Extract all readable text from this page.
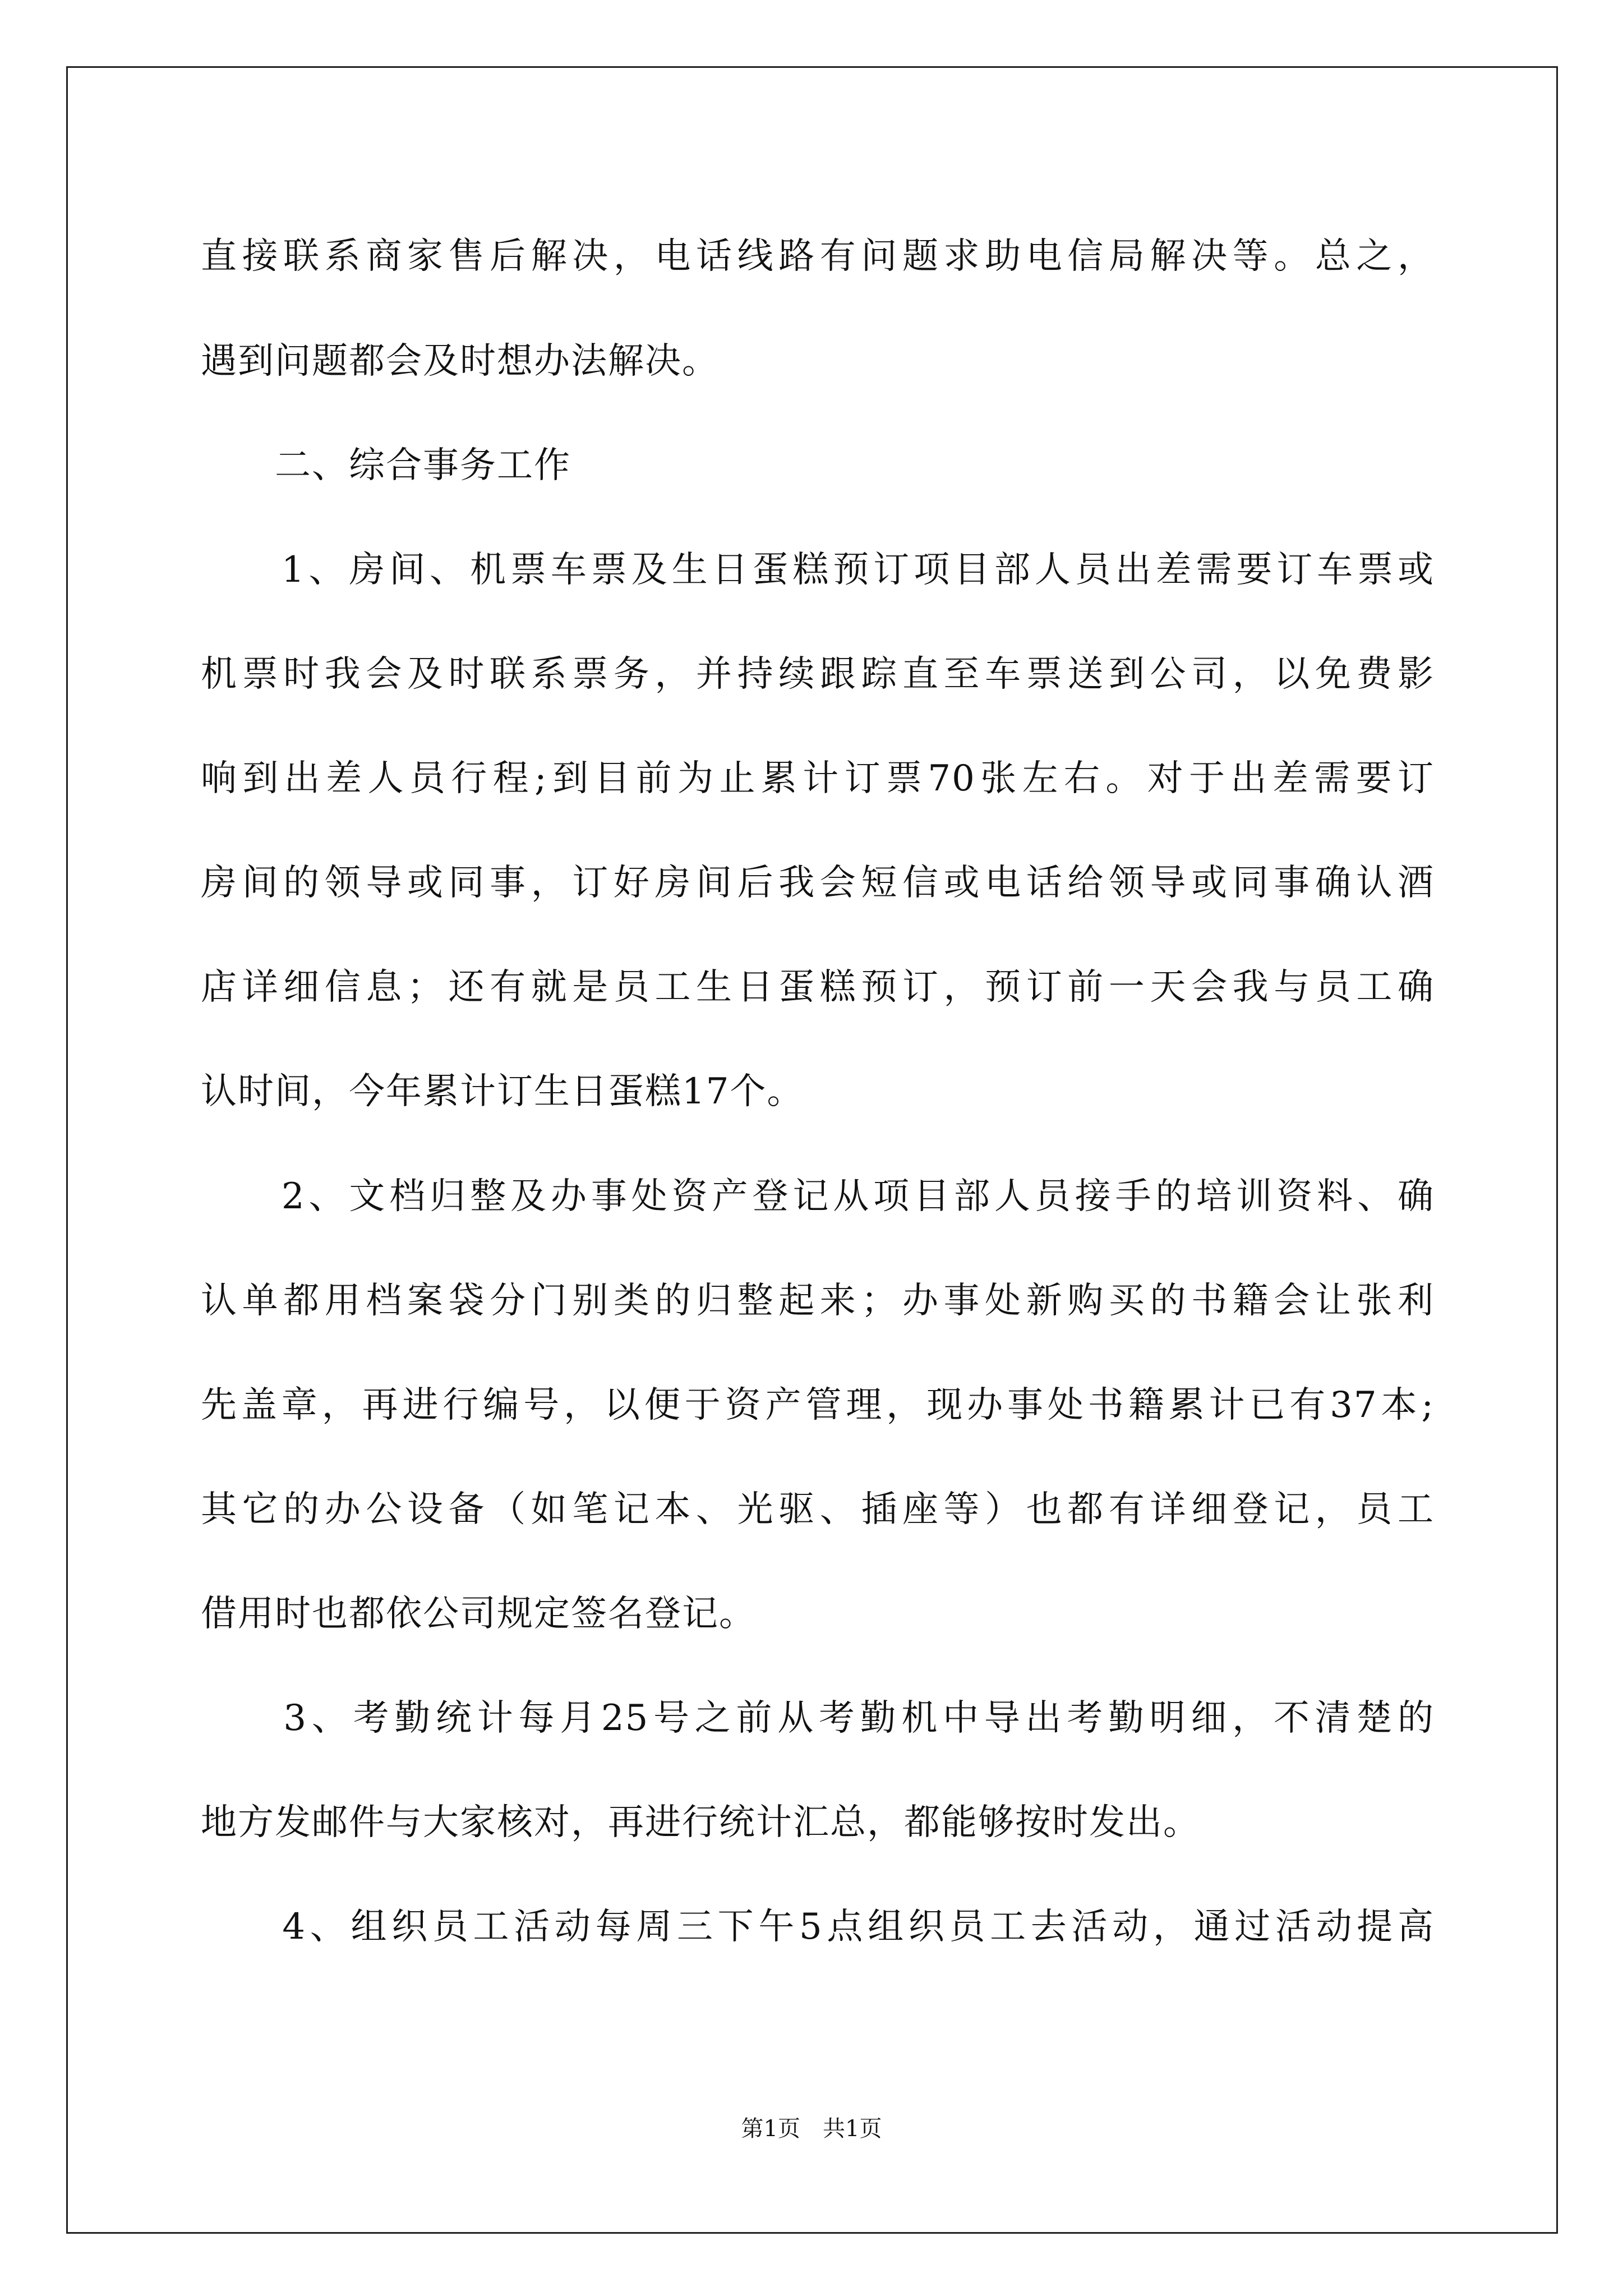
直接联系商家售后解决，电话线路有问题求助电信局解决等。总之，
遇到问题都会及时想办法解决。
　　二、综合事务工作
　　1、房间、机票车票及生日蛋糕预订项目部人员出差需要订车票或
机票时我会及时联系票务，并持续跟踪直至车票送到公司，以免费影
响到出差人员行程;到目前为止累计订票70张左右。对于出差需要订
房间的领导或同事，订好房间后我会短信或电话给领导或同事确认酒
店详细信息；还有就是员工生日蛋糕预订，预订前一天会我与员工确
认时间，今年累计订生日蛋糕17个。
　　2、文档归整及办事处资产登记从项目部人员接手的培训资料、确
认单都用档案袋分门别类的归整起来；办事处新购买的书籍会让张利
先盖章，再进行编号，以便于资产管理，现办事处书籍累计已有37本;
其它的办公设备（如笔记本、光驱、插座等）也都有详细登记，员工
借用时也都依公司规定签名登记。
　　3、考勤统计每月25号之前从考勤机中导出考勤明细，不清楚的
地方发邮件与大家核对，再进行统计汇总，都能够按时发出。
　　4、组织员工活动每周三下午5点组织员工去活动，通过活动提高
第1页　共1页
